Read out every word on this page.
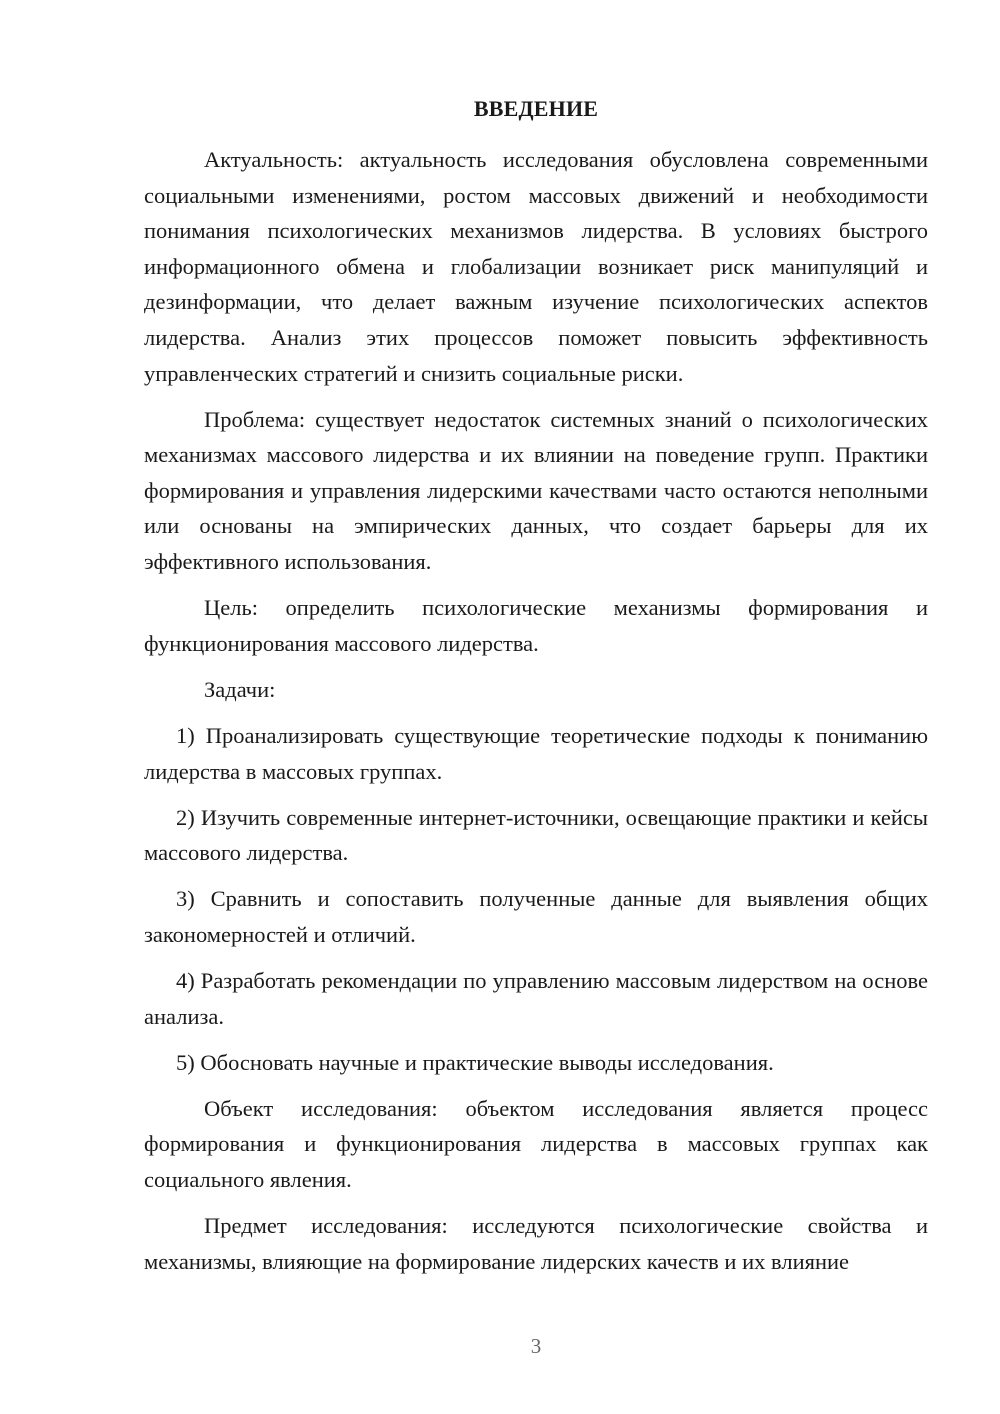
ВВЕДЕНИЕ

Актуальность: актуальность исследования обусловлена современными социальными изменениями, ростом массовых движений и необходимости понимания психологических механизмов лидерства. В условиях быстрого информационного обмена и глобализации возникает риск манипуляций и дезинформации, что делает важным изучение психологических аспектов лидерства. Анализ этих процессов поможет повысить эффективность управленческих стратегий и снизить социальные риски.

Проблема: существует недостаток системных знаний о психологических механизмах массового лидерства и их влиянии на поведение групп. Практики формирования и управления лидерскими качествами часто остаются неполными или основаны на эмпирических данных, что создает барьеры для их эффективного использования.

Цель: определить психологические механизмы формирования и функционирования массового лидерства.

Задачи:

1) Проанализировать существующие теоретические подходы к пониманию лидерства в массовых группах.

2) Изучить современные интернет-источники, освещающие практики и кейсы массового лидерства.

3) Сравнить и сопоставить полученные данные для выявления общих закономерностей и отличий.

4) Разработать рекомендации по управлению массовым лидерством на основе анализа.

5) Обосновать научные и практические выводы исследования.

Объект исследования: объектом исследования является процесс формирования и функционирования лидерства в массовых группах как социального явления.

Предмет исследования: исследуются психологические свойства и механизмы, влияющие на формирование лидерских качеств и их влияние

3
